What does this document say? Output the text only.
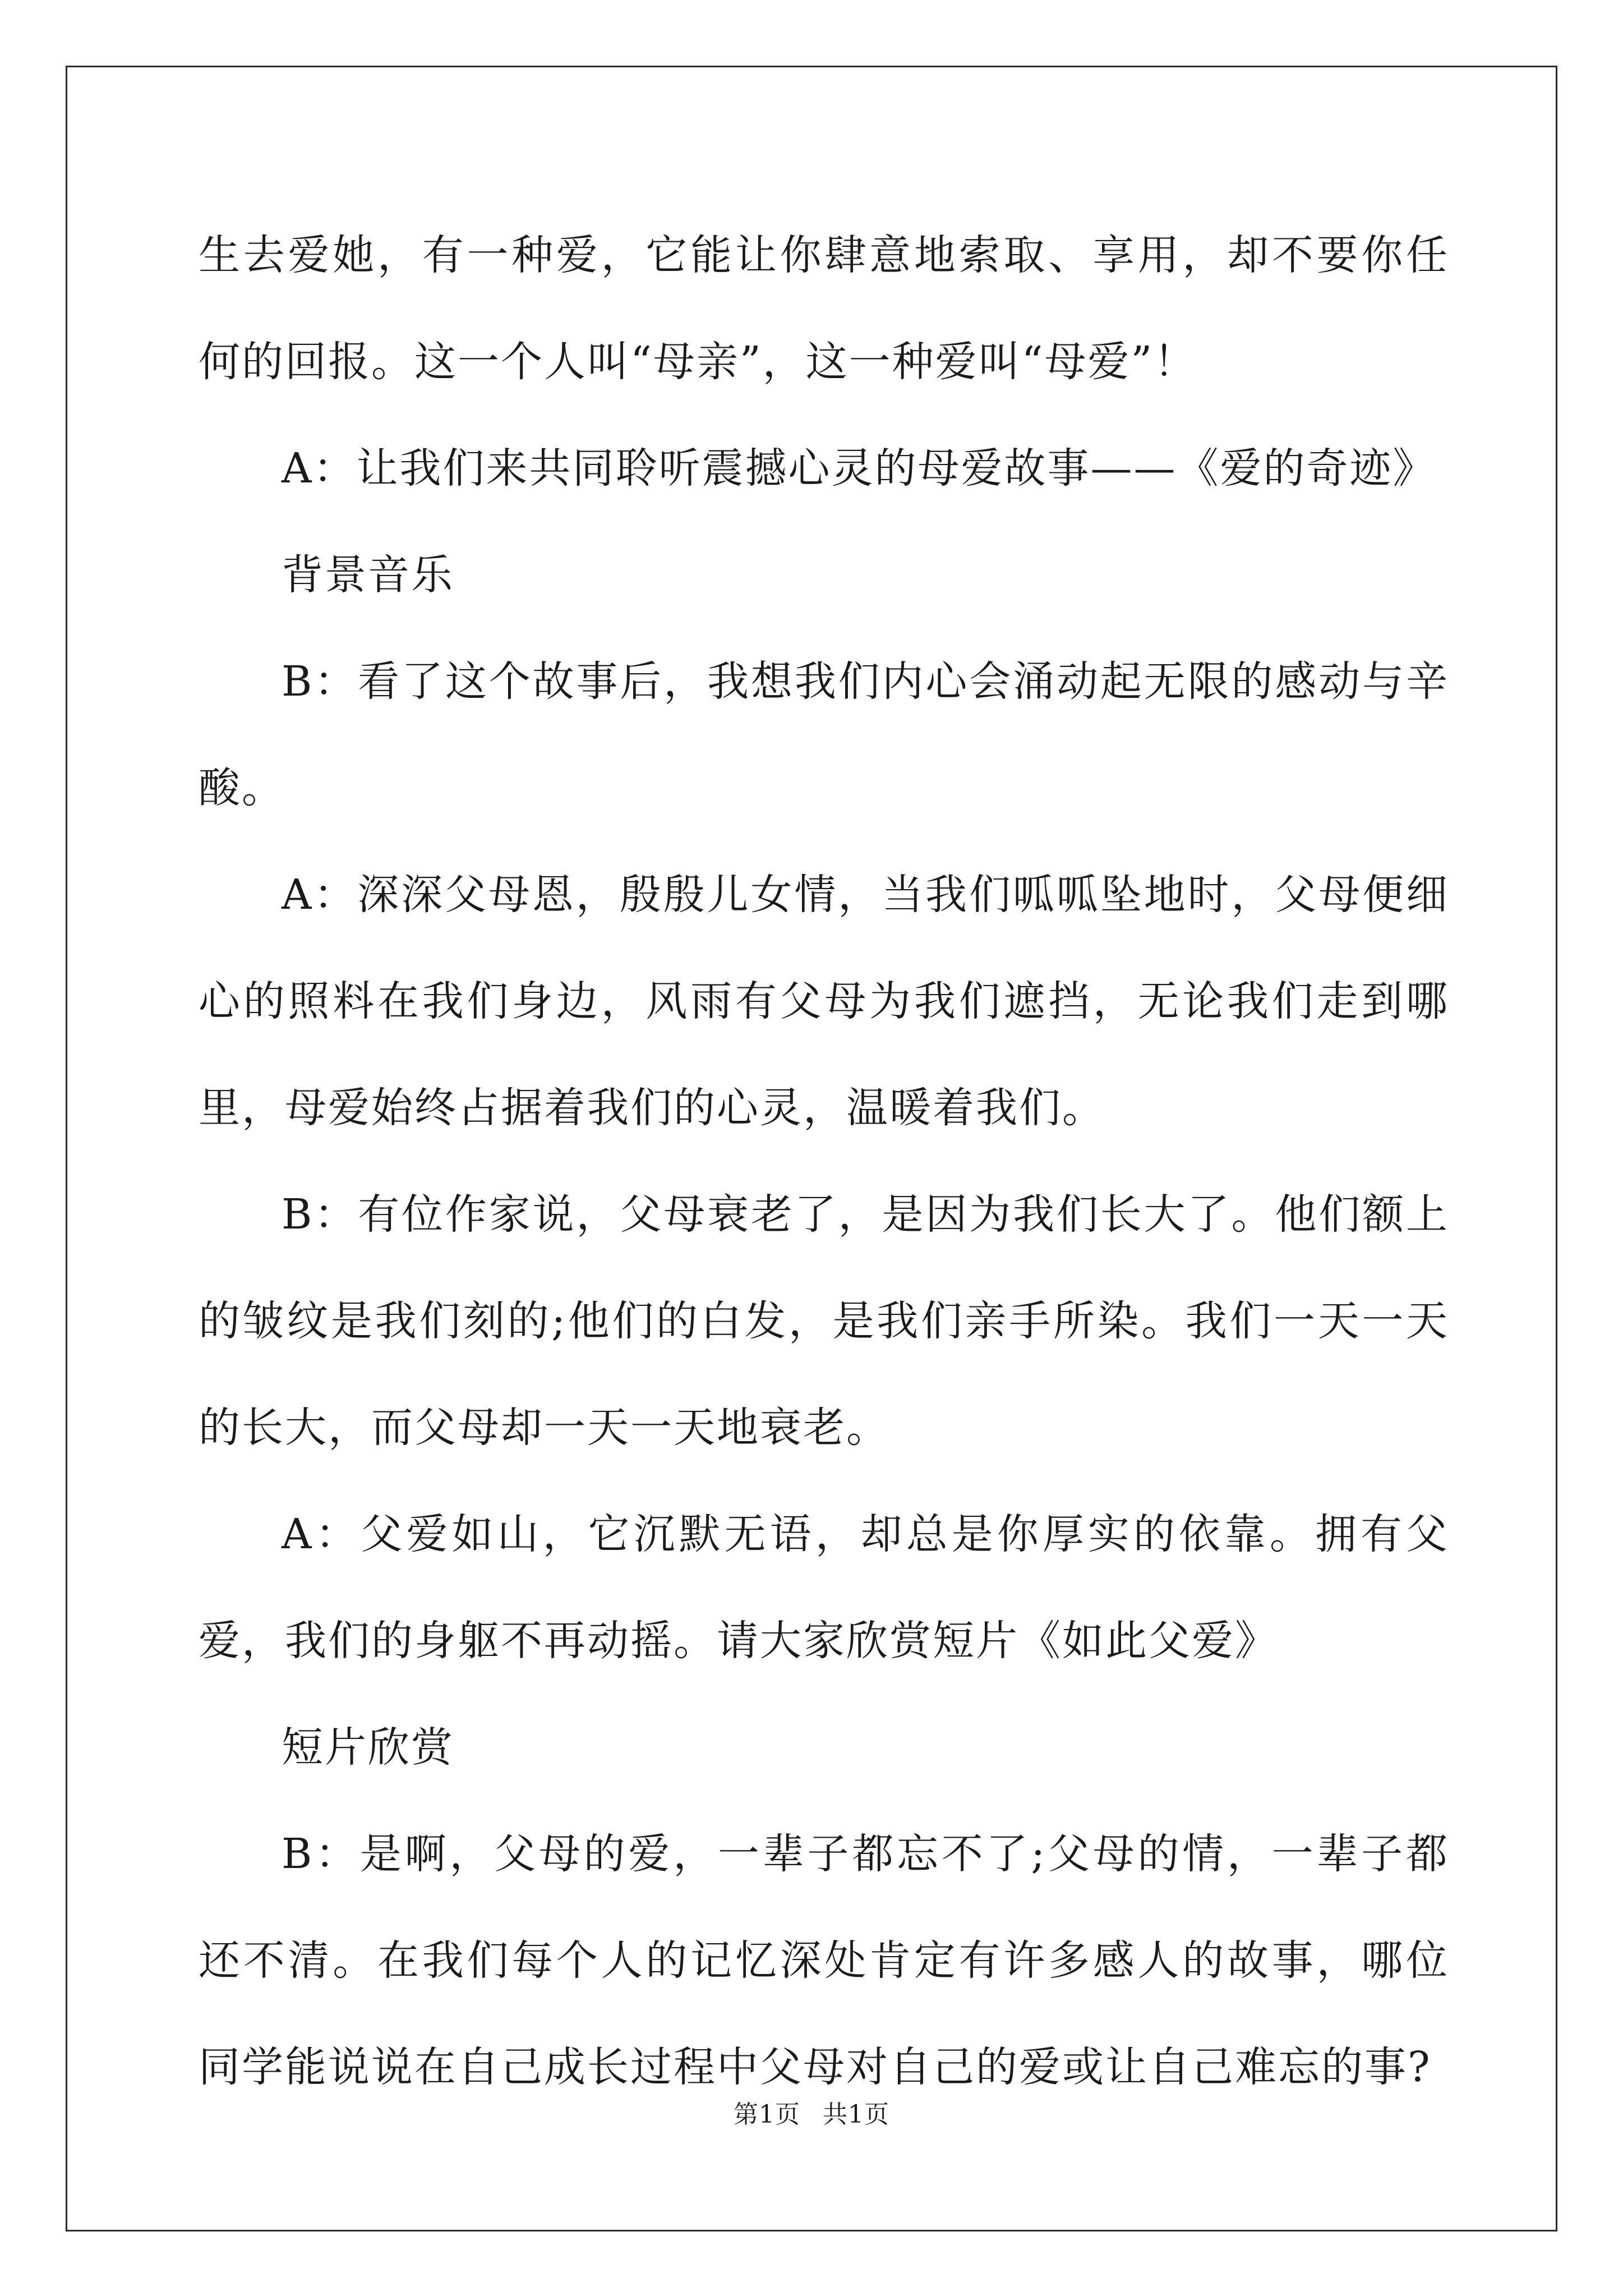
生去爱她，有一种爱，它能让你肆意地索取、享用，却不要你任何的回报。这一个人叫“母亲”，这一种爱叫“母爱”！

A：让我们来共同聆听震撼心灵的母爱故事——《爱的奇迹》

背景音乐

B：看了这个故事后，我想我们内心会涌动起无限的感动与辛酸。

A：深深父母恩，殷殷儿女情，当我们呱呱坠地时，父母便细心的照料在我们身边，风雨有父母为我们遮挡，无论我们走到哪里，母爱始终占据着我们的心灵，温暖着我们。

B：有位作家说，父母衰老了，是因为我们长大了。他们额上的皱纹是我们刻的;他们的白发，是我们亲手所染。我们一天一天的长大，而父母却一天一天地衰老。

A：父爱如山，它沉默无语，却总是你厚实的依靠。拥有父爱，我们的身躯不再动摇。请大家欣赏短片《如此父爱》

短片欣赏

B：是啊，父母的爱，一辈子都忘不了;父母的情，一辈子都还不清。在我们每个人的记忆深处肯定有许多感人的故事，哪位同学能说说在自己成长过程中父母对自己的爱或让自己难忘的事?

第1页 共1页
